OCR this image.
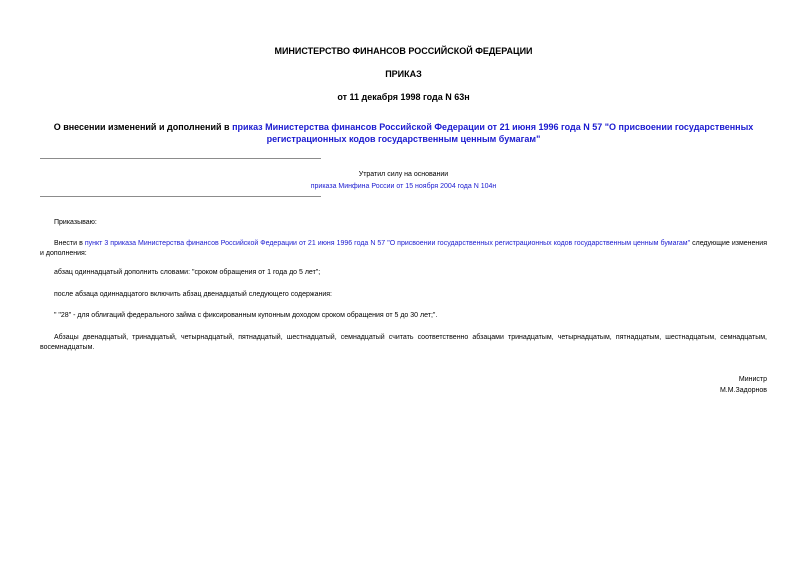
МИНИСТЕРСТВО ФИНАНСОВ РОССИЙСКОЙ ФЕДЕРАЦИИ
ПРИКАЗ
от 11 декабря 1998 года N 63н
О внесении изменений и дополнений в приказ Министерства финансов Российской Федерации от 21 июня 1996 года N 57 "О присвоении государственных регистрационных кодов государственным ценным бумагам"
Утратил силу на основании
приказа Минфина России от 15 ноября 2004 года N 104н
Приказываю:
Внести в пункт 3 приказа Министерства финансов Российской Федерации от 21 июня 1996 года N 57 "О присвоении государственных регистрационных кодов государственным ценным бумагам" следующие изменения и дополнения:
абзац одиннадцатый дополнить словами: "сроком обращения от 1 года до 5 лет";
после абзаца одиннадцатого включить абзац двенадцатый следующего содержания:
" "28" - для облигаций федерального займа с фиксированным купонным доходом сроком обращения от 5 до 30 лет;".
Абзацы двенадцатый, тринадцатый, четырнадцатый, пятнадцатый, шестнадцатый, семнадцатый считать соответственно абзацами тринадцатым, четырнадцатым, пятнадцатым, шестнадцатым, семнадцатым, восемнадцатым.
Министр
М.М.Задорнов
